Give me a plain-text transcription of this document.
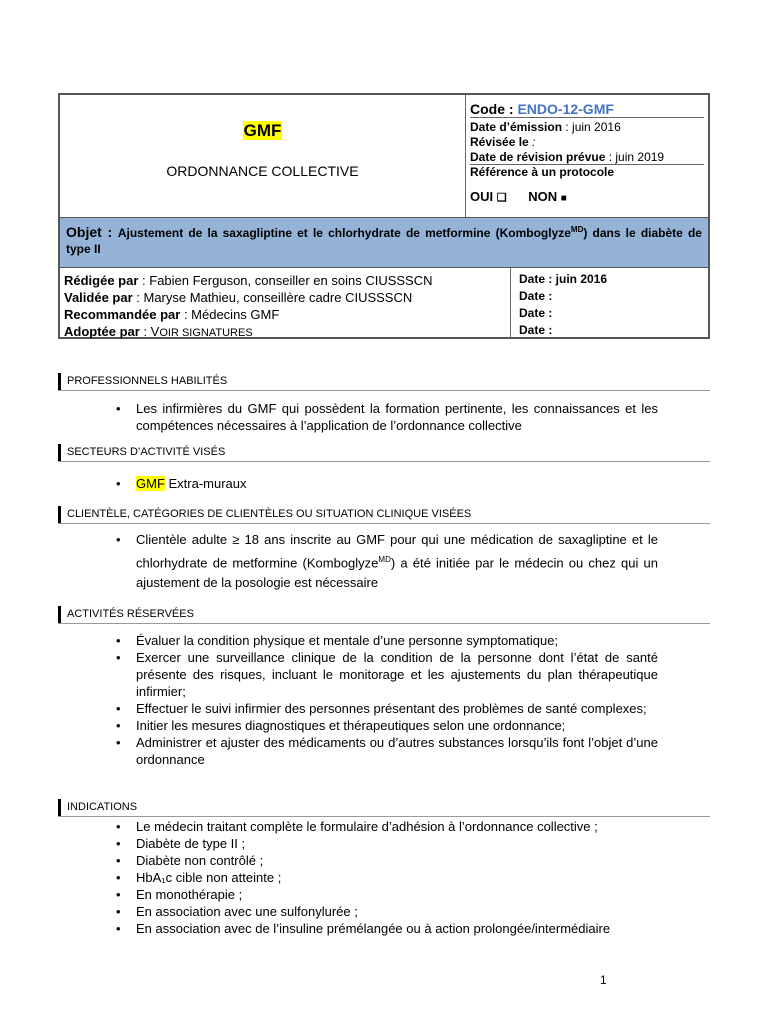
GMF
ORDONNANCE COLLECTIVE
Code : ENDO-12-GMF
Date d’émission : juin 2016
Révisée le :
Date de révision prévue : juin 2019
Référence à un protocole
OUI ❑ NON ■
Objet : Ajustement de la saxagliptine et le chlorhydrate de metformine (Komboglyze$^{MD}$) dans le diabète de type II
Rédigée par : Fabien Ferguson, conseiller en soins CIUSSSCN
Validée par : Maryse Mathieu, conseillère cadre CIUSSSCN
Recommandée par : Médecins GMF
Adoptée par : VOIR SIGNATURES
Date : juin 2016
Date :
Date :
Date :
PROFESSIONNELS HABILITÉS
• Les infirmières du GMF qui possèdent la formation pertinente, les connaissances et les compétences nécessaires à l’application de l’ordonnance collective
SECTEURS D’ACTIVITÉ VISÉS
• GMF Extra-muraux
CLIENTÈLE, CATÉGORIES DE CLIENTÈLES OU SITUATION CLINIQUE VISÉES
• Clientèle adulte ≥ 18 ans inscrite au GMF pour qui une médication de saxagliptine et le chlorhydrate de metformine (Komboglyze$^{MD}$) a été initiée par le médecin ou chez qui un ajustement de la posologie est nécessaire
ACTIVITÉS RÉSERVÉES
• Évaluer la condition physique et mentale d’une personne symptomatique;
• Exercer une surveillance clinique de la condition de la personne dont l’état de santé présente des risques, incluant le monitorage et les ajustements du plan thérapeutique infirmier;
• Effectuer le suivi infirmier des personnes présentant des problèmes de santé complexes;
• Initier les mesures diagnostiques et thérapeutiques selon une ordonnance;
• Administrer et ajuster des médicaments ou d’autres substances lorsqu’ils font l’objet d’une ordonnance
INDICATIONS
• Le médecin traitant complète le formulaire d’adhésion à l’ordonnance collective ;
• Diabète de type II ;
• Diabète non contrôlé ;
• HbA₁c cible non atteinte ;
• En monothérapie ;
• En association avec une sulfonylurée ;
• En association avec de l’insuline prémélangée ou à action prolongée/intermédiaire
1
